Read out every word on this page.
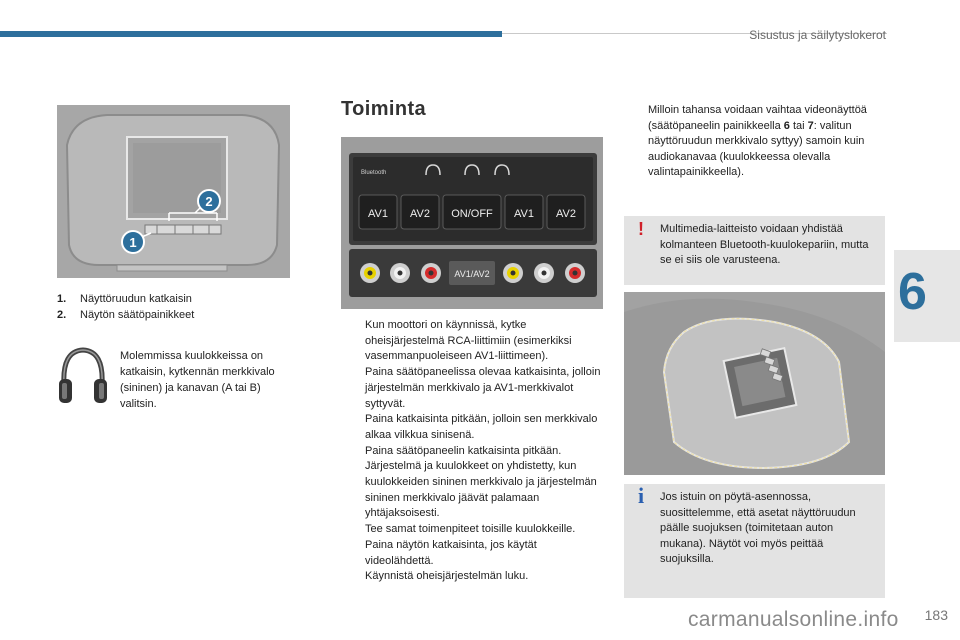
Sisustus ja säilytyslokerot
6
2
1
1. Näyttöruudun katkaisin
2. Näytön säätöpainikkeet
Molemmissa kuulokkeissa on katkaisin, kytkennän merkkivalo (sininen) ja kanavan (A tai B) valitsin.
Toiminta
Bluetooth
AV1 AV2 ON/OFF AV1 AV2
AV1/AV2
Kun moottori on käynnissä, kytke oheisjärjestelmä RCA-liittimiin (esimerkiksi vasemmanpuoleiseen AV1-liittimeen).
Paina säätöpaneelissa olevaa katkaisinta, jolloin järjestelmän merkkivalo ja AV1-merkkivalot syttyvät.
Paina katkaisinta pitkään, jolloin sen merkkivalo alkaa vilkkua sinisenä.
Paina säätöpaneelin katkaisinta pitkään. Järjestelmä ja kuulokkeet on yhdistetty, kun kuulokkeiden sininen merkkivalo ja järjestelmän sininen merkkivalo jäävät palamaan yhtäjaksoisesti.
Tee samat toimenpiteet toisille kuulokkeille.
Paina näytön katkaisinta, jos käytät videolähdettä.
Käynnistä oheisjärjestelmän luku.
Milloin tahansa voidaan vaihtaa videonäyttöä (säätöpaneelin painikkeella 6 tai 7: valitun näyttöruudun merkkivalo syttyy) samoin kuin audiokanavaa (kuulokkeessa olevalla valintapainikkeella).
!	Multimedia-laitteisto voidaan yhdistää kolmanteen Bluetooth-kuulokepariin, mutta se ei siis ole varusteena.
i	Jos istuin on pöytä-asennossa, suosittelemme, että asetat näyttöruudun päälle suojuksen (toimitetaan auton mukana). Näytöt voi myös peittää suojuksilla.
carmanualsonline.info 183
